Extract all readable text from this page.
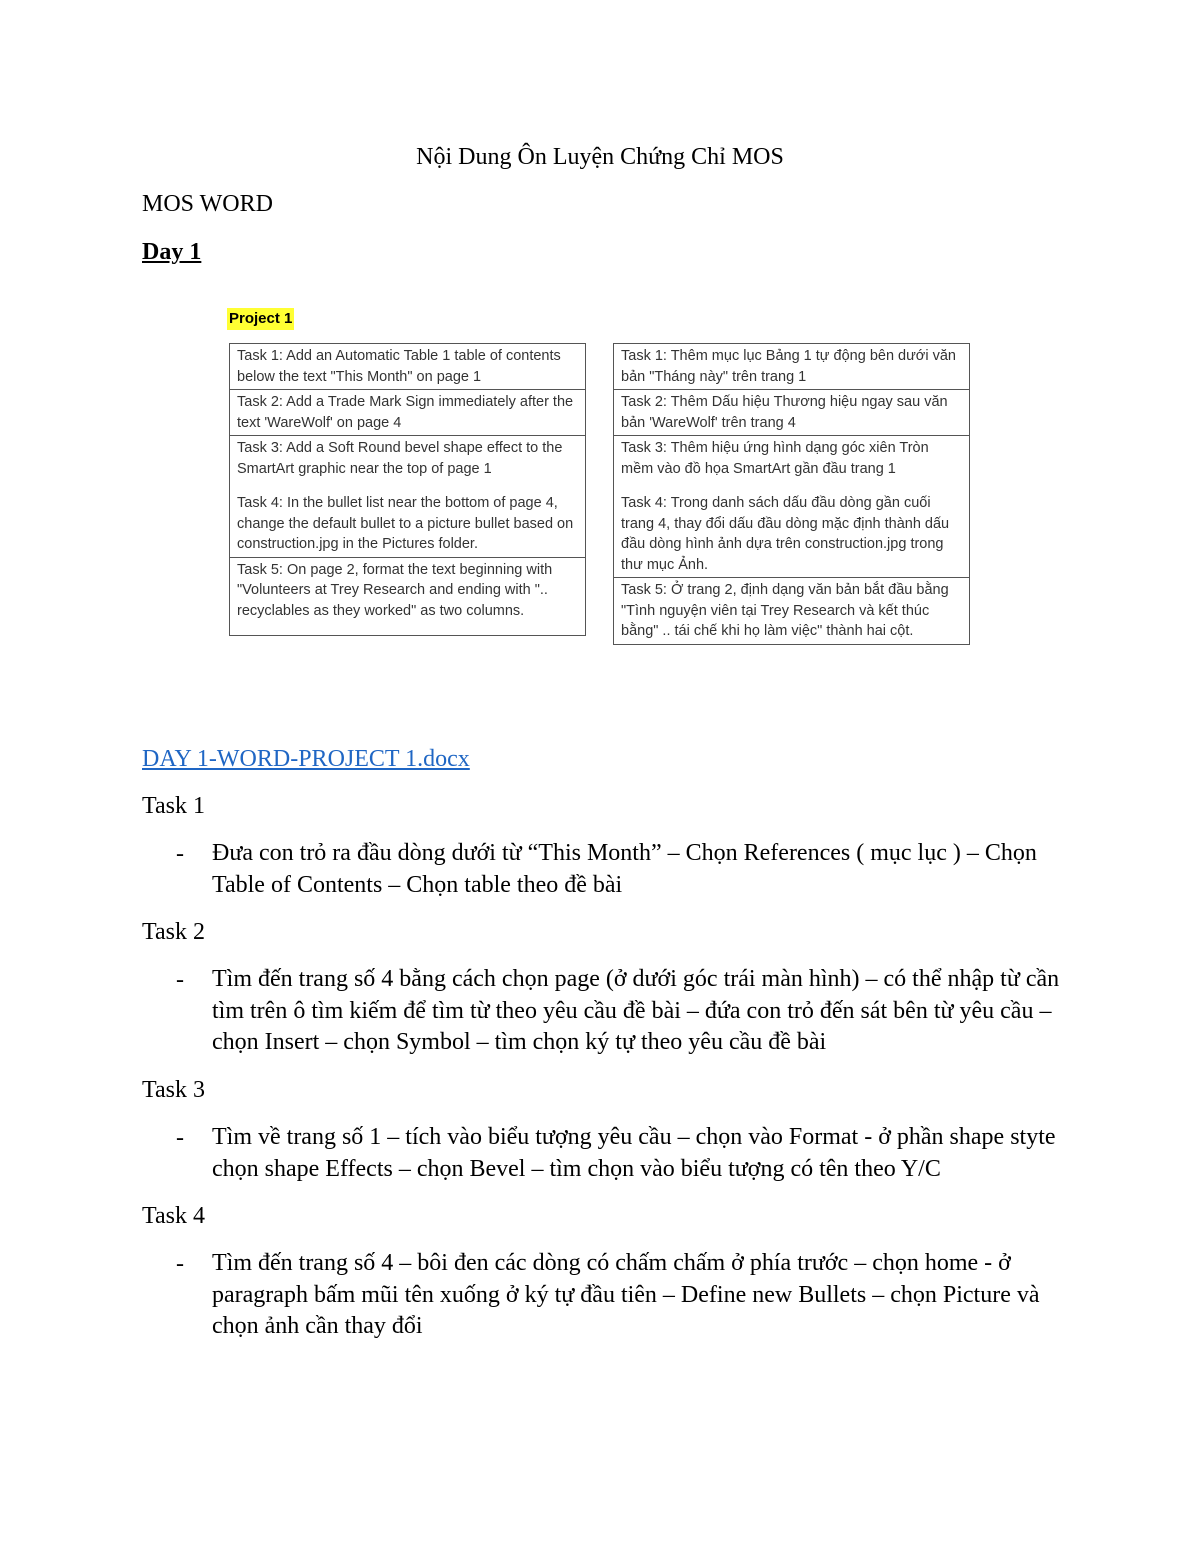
Nội Dung Ôn Luyện Chứng Chỉ MOS
MOS WORD
Day 1
Project 1

Task 1: Add an Automatic Table 1 table of contents below the text "This Month" on page 1

Task 2: Add a Trade Mark Sign immediately after the text 'WareWolf' on page 4

Task 3: Add a Soft Round bevel shape effect to the SmartArt graphic near the top of page 1

Task 4: In the bullet list near the bottom of page 4, change the default bullet to a picture bullet based on construction.jpg in the Pictures folder.

Task 5: On page 2, format the text beginning with "Volunteers at Trey Research and ending with ".. recyclables as they worked" as two columns.

Task 1: Thêm mục lục Bảng 1 tự động bên dưới văn bản "Tháng này" trên trang 1

Task 2: Thêm Dấu hiệu Thương hiệu ngay sau văn bản 'WareWolf' trên trang 4

Task 3: Thêm hiệu ứng hình dạng góc xiên Tròn mềm vào đồ họa SmartArt gần đầu trang 1

Task 4: Trong danh sách dấu đầu dòng gần cuối trang 4, thay đổi dấu đầu dòng mặc định thành dấu đầu dòng hình ảnh dựa trên construction.jpg trong thư mục Ảnh.

Task 5: Ở trang 2, định dạng văn bản bắt đầu bằng "Tình nguyện viên tại Trey Research và kết thúc bằng" .. tái chế khi họ làm việc" thành hai cột.

DAY 1-WORD-PROJECT 1.docx
Task 1
- Đưa con trỏ ra đầu dòng dưới từ “This Month” – Chọn References ( mục lục ) – Chọn Table of Contents – Chọn table theo đề bài
Task 2
- Tìm đến trang số 4 bằng cách chọn page (ở dưới góc trái màn hình) – có thể nhập từ cần tìm trên ô tìm kiếm để tìm từ theo yêu cầu đề bài – đứa con trỏ đến sát bên từ yêu cầu – chọn Insert – chọn Symbol – tìm chọn ký tự theo yêu cầu đề bài
Task 3
- Tìm về trang số 1 – tích vào biểu tượng yêu cầu – chọn vào Format - ở phần shape styte chọn shape Effects – chọn Bevel – tìm chọn vào biểu tượng có tên theo Y/C
Task 4
- Tìm đến trang số 4 – bôi đen các dòng có chấm chấm ở phía trước – chọn home - ở paragraph bấm mũi tên xuống ở ký tự đầu tiên – Define new Bullets – chọn Picture và chọn ảnh cần thay đổi
